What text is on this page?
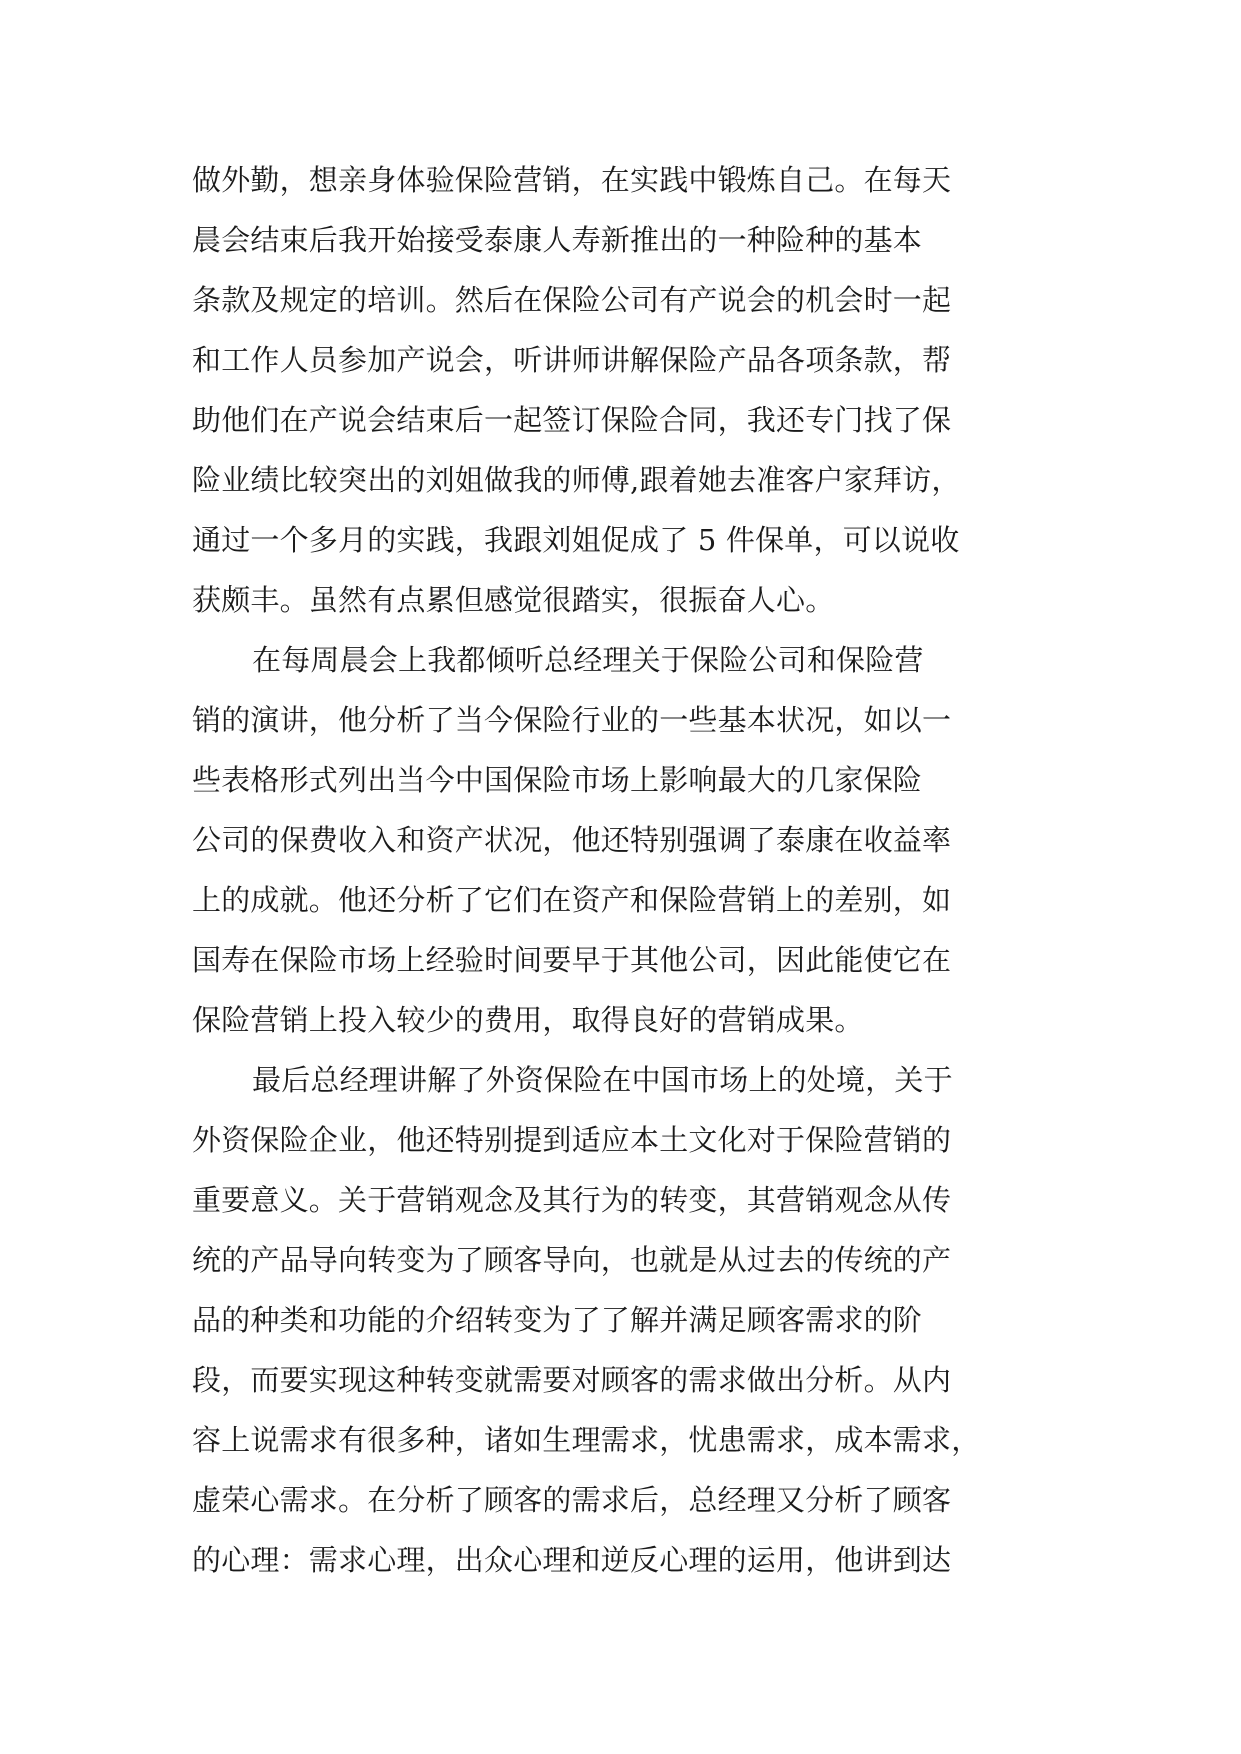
做外勤，想亲身体验保险营销，在实践中锻炼自己。在每天
晨会结束后我开始接受泰康人寿新推出的一种险种的基本
条款及规定的培训。然后在保险公司有产说会的机会时一起
和工作人员参加产说会，听讲师讲解保险产品各项条款，帮
助他们在产说会结束后一起签订保险合同，我还专门找了保
险业绩比较突出的刘姐做我的师傅,跟着她去准客户家拜访，
通过一个多月的实践，我跟刘姐促成了 5 件保单，可以说收
获颇丰。虽然有点累但感觉很踏实，很振奋人心。
在每周晨会上我都倾听总经理关于保险公司和保险营
销的演讲，他分析了当今保险行业的一些基本状况，如以一
些表格形式列出当今中国保险市场上影响最大的几家保险
公司的保费收入和资产状况，他还特别强调了泰康在收益率
上的成就。他还分析了它们在资产和保险营销上的差别，如
国寿在保险市场上经验时间要早于其他公司，因此能使它在
保险营销上投入较少的费用，取得良好的营销成果。
最后总经理讲解了外资保险在中国市场上的处境，关于
外资保险企业，他还特别提到适应本土文化对于保险营销的
重要意义。关于营销观念及其行为的转变，其营销观念从传
统的产品导向转变为了顾客导向，也就是从过去的传统的产
品的种类和功能的介绍转变为了了解并满足顾客需求的阶
段，而要实现这种转变就需要对顾客的需求做出分析。从内
容上说需求有很多种，诸如生理需求，忧患需求，成本需求，
虚荣心需求。在分析了顾客的需求后，总经理又分析了顾客
的心理：需求心理，出众心理和逆反心理的运用，他讲到达
